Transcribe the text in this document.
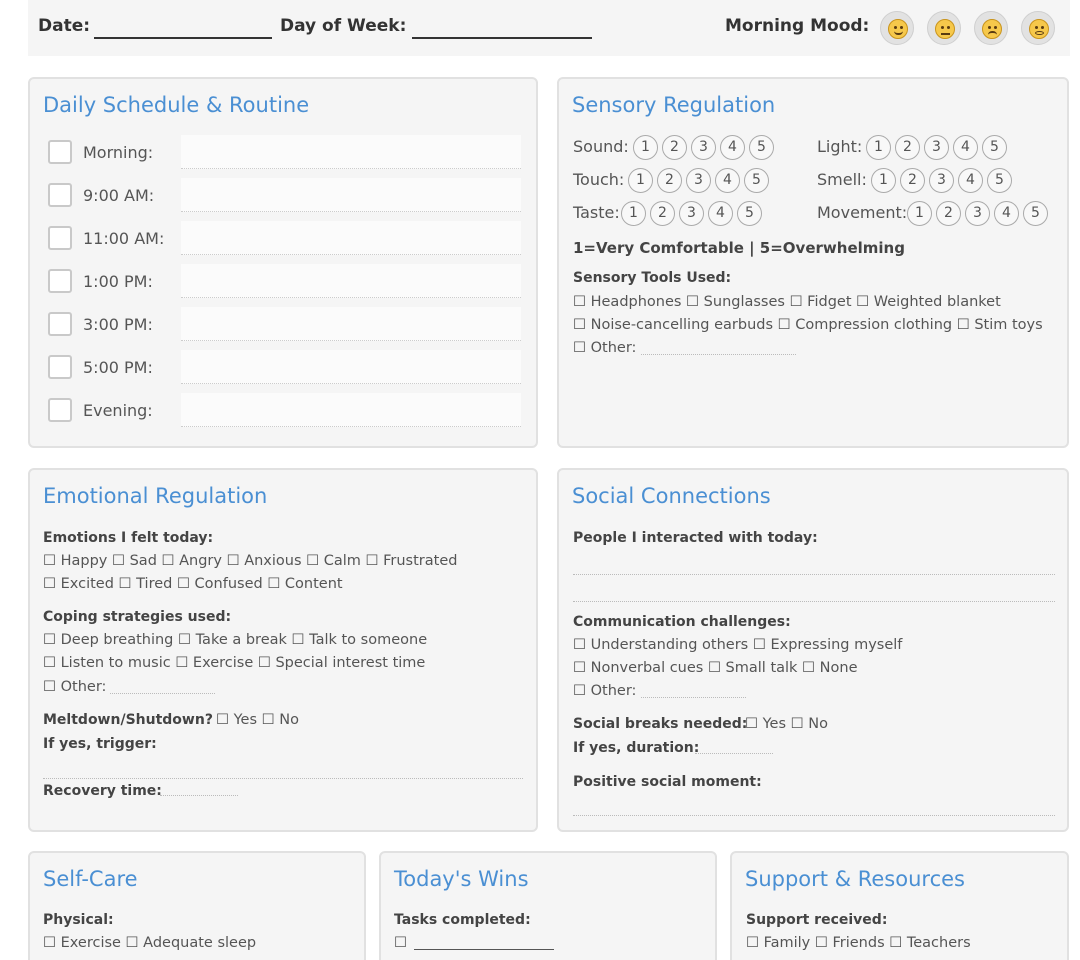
Date:	Day of Week:	Morning Mood:
Daily Schedule & Routine
Morning:
9:00 AM:
11:00 AM:
1:00 PM:
3:00 PM:
5:00 PM:
Evening:
Sensory Regulation
Sound: 1	2	3	4	5	Light: 1	2	3	4	5
Touch: 1	2	3	4	5	Smell: 1	2	3	4	5
Taste: 1	2	3	4	5	Movement: 1	2	3	4	5
1=Very Comfortable | 5=Overwhelming
Sensory Tools Used:
☐ Headphones ☐ Sunglasses ☐ Fidget ☐ Weighted blanket
☐ Noise-cancelling earbuds ☐ Compression clothing ☐ Stim toys
☐ Other:
Emotional Regulation
Emotions I felt today:
☐ Happy ☐ Sad ☐ Angry ☐ Anxious ☐ Calm ☐ Frustrated
☐ Excited ☐ Tired ☐ Confused ☐ Content
Coping strategies used:
☐ Deep breathing ☐ Take a break ☐ Talk to someone
☐ Listen to music ☐ Exercise ☐ Special interest time
☐ Other:
Meltdown/Shutdown? ☐ Yes ☐ No
If yes, trigger:
Recovery time:
Social Connections
People I interacted with today:
Communication challenges:
☐ Understanding others ☐ Expressing myself
☐ Nonverbal cues ☐ Small talk ☐ None
☐ Other:
Social breaks needed:
☐ Yes ☐ No
If yes, duration:
Positive social moment:
Self-Care
Physical:
☐ Exercise ☐ Adequate sleep
Today's Wins
Tasks completed:
☐
Support & Resources
Support received:
☐ Family ☐ Friends ☐ Teachers
